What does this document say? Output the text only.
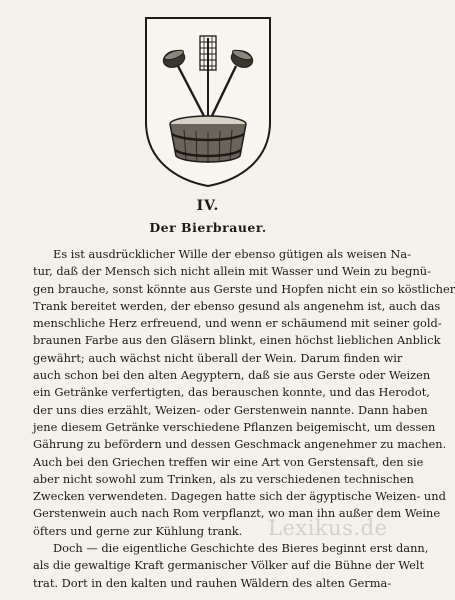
IV.
Der Bierbrauer.
Es ist ausdrücklicher Wille der ebenso gütigen als weisen Na-
tur, daß der Mensch sich nicht allein mit Wasser und Wein zu begnü-
gen brauche, sonst könnte aus Gerste und Hopfen nicht ein so köstlicher
Trank bereitet werden, der ebenso gesund als angenehm ist, auch das
menschliche Herz erfreuend, und wenn er schäumend mit seiner gold-
braunen Farbe aus den Gläsern blinkt, einen höchst lieblichen Anblick
gewährt; auch wächst nicht überall der Wein. Darum finden wir
auch schon bei den alten Aegyptern, daß sie aus Gerste oder Weizen
ein Getränke verfertigten, das berauschen konnte, und das Herodot,
der uns dies erzählt, Weizen- oder Gerstenwein nannte. Dann haben
jene diesem Getränke verschiedene Pflanzen beigemischt, um dessen
Gährung zu befördern und dessen Geschmack angenehmer zu machen.
Auch bei den Griechen treffen wir eine Art von Gerstensaft, den sie
aber nicht sowohl zum Trinken, als zu verschiedenen technischen
Zwecken verwendeten. Dagegen hatte sich der ägyptische Weizen- und
Gerstenwein auch nach Rom verpflanzt, wo man ihn außer dem Weine
öfters und gerne zur Kühlung trank.
Doch — die eigentliche Geschichte des Bieres beginnt erst dann,
als die gewaltige Kraft germanischer Völker auf die Bühne der Welt
trat. Dort in den kalten und rauhen Wäldern des alten Germa-
Lexikus.de
